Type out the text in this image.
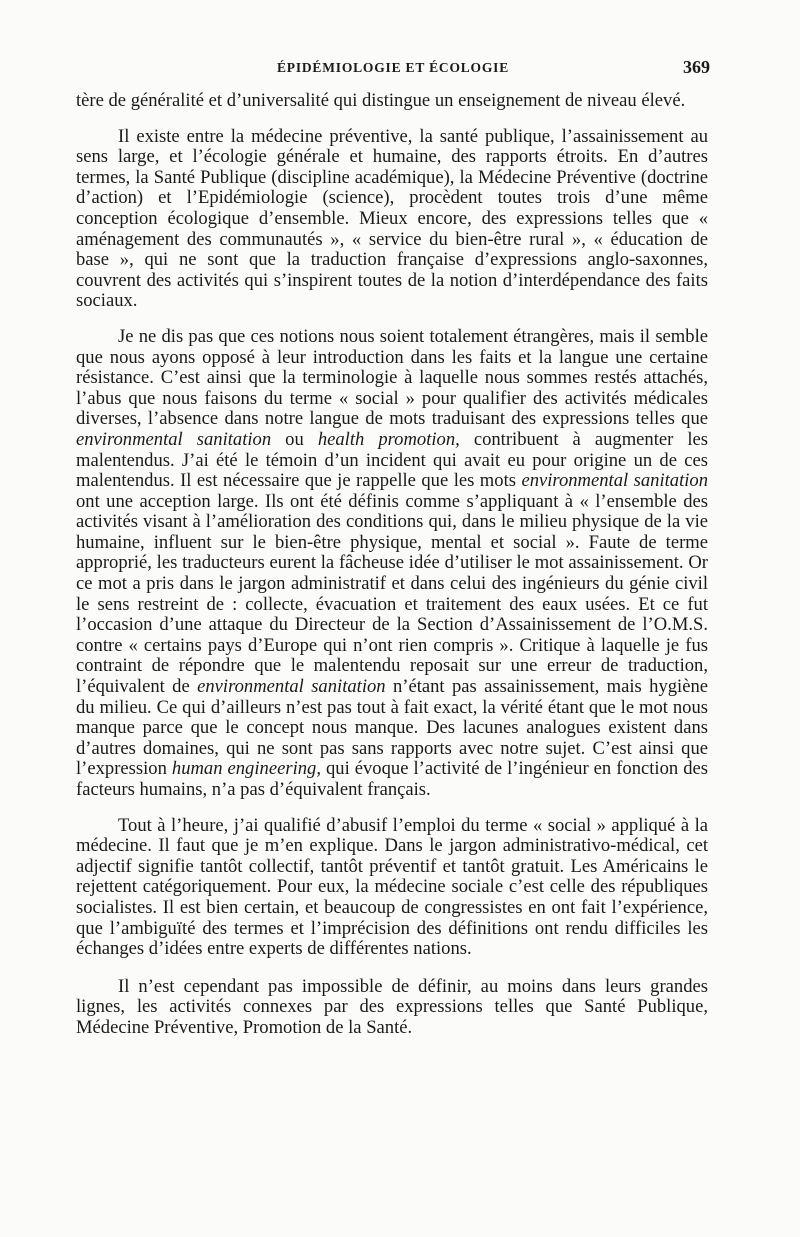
ÉPIDÉMIOLOGIE ET ÉCOLOGIE	369

tère de généralité et d’universalité qui distingue un enseignement de niveau élevé.

Il existe entre la médecine préventive, la santé publique, l’assainissement au sens large, et l’écologie générale et humaine, des rapports étroits. En d’autres termes, la Santé Publique (discipline académique), la Médecine Préventive (doctrine d’action) et l’Epidémiologie (science), procèdent toutes trois d’une même conception écologique d’ensemble. Mieux encore, des expressions telles que « aménagement des communautés », « service du bien-être rural », « éducation de base », qui ne sont que la traduction française d’expressions anglo-saxonnes, couvrent des activités qui s’inspirent toutes de la notion d’interdépendance des faits sociaux.

Je ne dis pas que ces notions nous soient totalement étrangères, mais il semble que nous ayons opposé à leur introduction dans les faits et la langue une certaine résistance. C’est ainsi que la terminologie à laquelle nous sommes restés attachés, l’abus que nous faisons du terme « social » pour qualifier des activités médicales diverses, l’absence dans notre langue de mots traduisant des expressions telles que environmental sanitation ou health promotion, contribuent à augmenter les malentendus. J’ai été le témoin d’un incident qui avait eu pour origine un de ces malentendus. Il est nécessaire que je rappelle que les mots environmental sanitation ont une acception large. Ils ont été définis comme s’appliquant à « l’ensemble des activités visant à l’amélioration des conditions qui, dans le milieu physique de la vie humaine, influent sur le bien-être physique, mental et social ». Faute de terme approprié, les traducteurs eurent la fâcheuse idée d’utiliser le mot assainissement. Or ce mot a pris dans le jargon administratif et dans celui des ingénieurs du génie civil le sens restreint de : collecte, évacuation et traitement des eaux usées. Et ce fut l’occasion d’une attaque du Directeur de la Section d’Assainissement de l’O.M.S. contre « certains pays d’Europe qui n’ont rien compris ». Critique à laquelle je fus contraint de répondre que le malentendu reposait sur une erreur de traduction, l’équivalent de environmental sanitation n’étant pas assainissement, mais hygiène du milieu. Ce qui d’ailleurs n’est pas tout à fait exact, la vérité étant que le mot nous manque parce que le concept nous manque. Des lacunes analogues existent dans d’autres domaines, qui ne sont pas sans rapports avec notre sujet. C’est ainsi que l’expression human engineering, qui évoque l’activité de l’ingénieur en fonction des facteurs humains, n’a pas d’équivalent français.

Tout à l’heure, j’ai qualifié d’abusif l’emploi du terme « social » appliqué à la médecine. Il faut que je m’en explique. Dans le jargon administrativo-médical, cet adjectif signifie tantôt collectif, tantôt préventif et tantôt gratuit. Les Américains le rejettent catégoriquement. Pour eux, la médecine sociale c’est celle des républiques socialistes. Il est bien certain, et beaucoup de congressistes en ont fait l’expérience, que l’ambiguïté des termes et l’imprécision des définitions ont rendu difficiles les échanges d’idées entre experts de différentes nations.

Il n’est cependant pas impossible de définir, au moins dans leurs grandes lignes, les activités connexes par des expressions telles que Santé Publique, Médecine Préventive, Promotion de la Santé.
